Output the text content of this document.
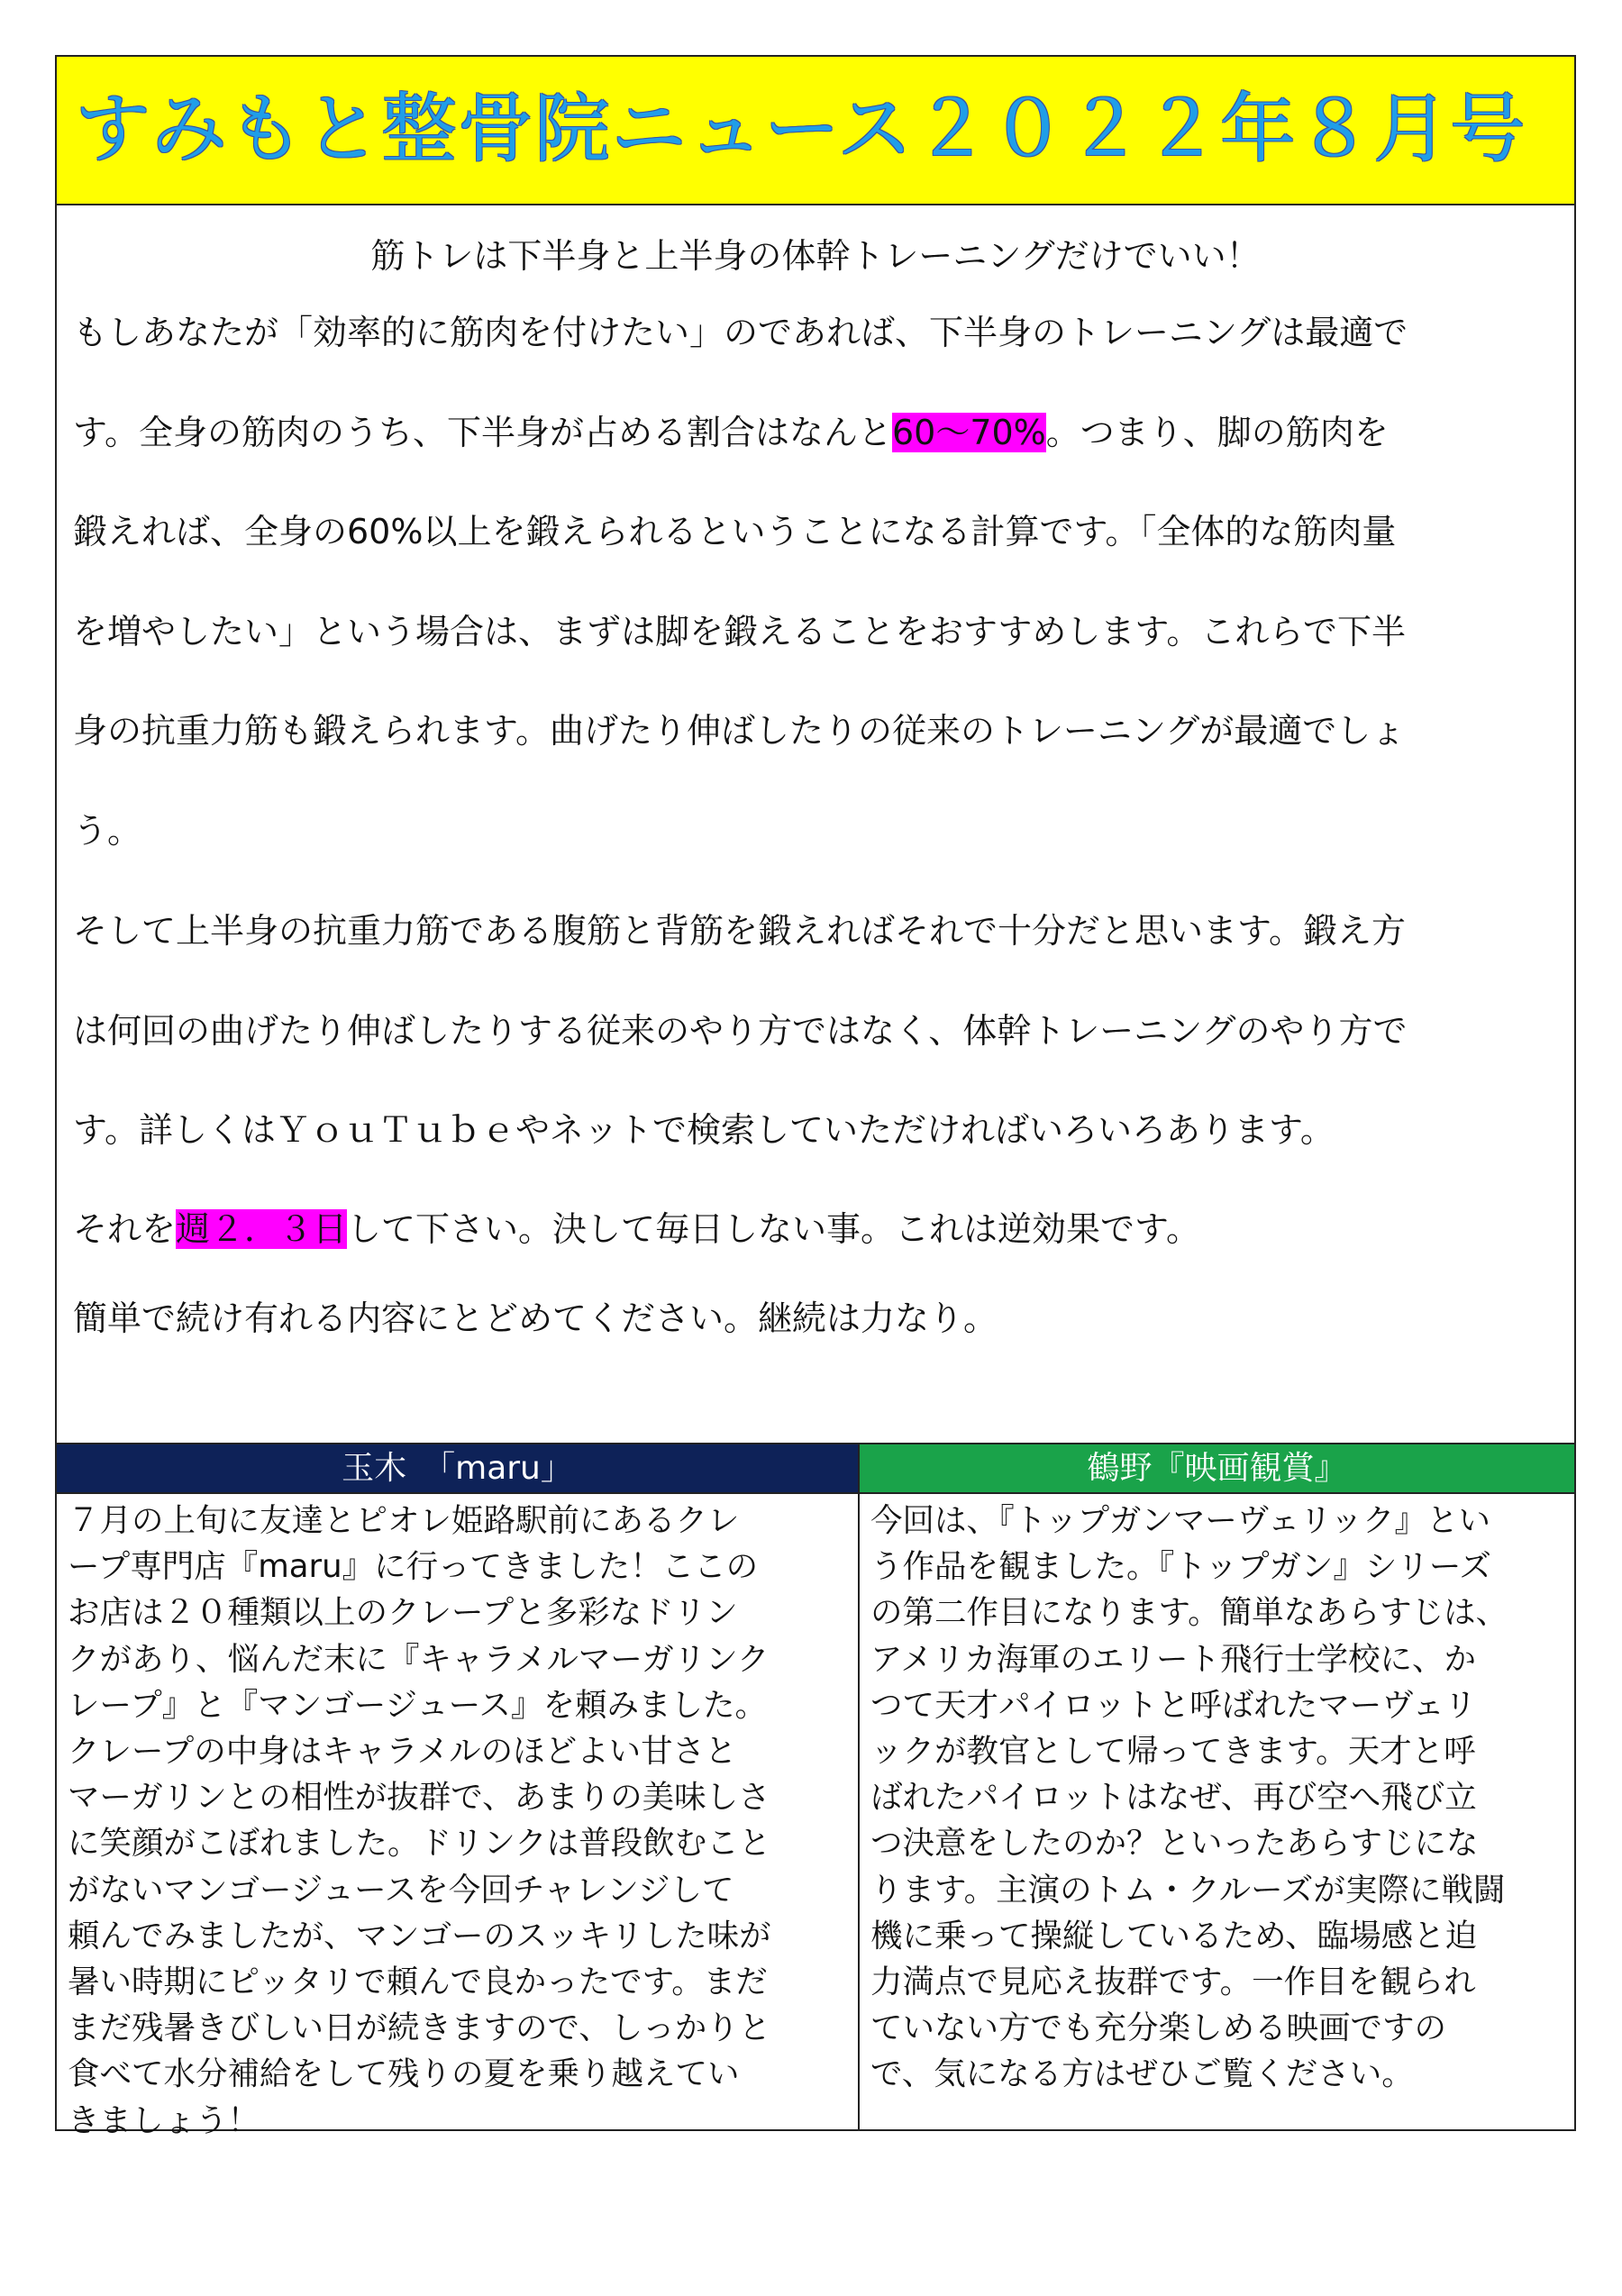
すみもと整骨院ニュース２０２２年８月号
筋トレは下半身と上半身の体幹トレーニングだけでいい！
もしあなたが「効率的に筋肉を付けたい」のであれば、下半身のトレーニングは最適で
す。全身の筋肉のうち、下半身が占める割合はなんと60〜70%。つまり、脚の筋肉を
鍛えれば、全身の60%以上を鍛えられるということになる計算です。「全体的な筋肉量
を増やしたい」という場合は、まずは脚を鍛えることをおすすめします。これらで下半
身の抗重力筋も鍛えられます。曲げたり伸ばしたりの従来のトレーニングが最適でしょ
う。
そして上半身の抗重力筋である腹筋と背筋を鍛えればそれで十分だと思います。鍛え方
は何回の曲げたり伸ばしたりする従来のやり方ではなく、体幹トレーニングのやり方で
す。詳しくはＹｏｕＴｕｂｅやネットで検索していただければいろいろあります。
それを週２．３日して下さい。決して毎日しない事。これは逆効果です。
簡単で続け有れる内容にとどめてください。継続は力なり。
玉木　「maru」
７月の上旬に友達とピオレ姫路駅前にあるクレ
ープ専門店『maru』に行ってきました！ここの
お店は２０種類以上のクレープと多彩なドリン
クがあり、悩んだ末に『キャラメルマーガリンク
レープ』と『マンゴージュース』を頼みました。
クレープの中身はキャラメルのほどよい甘さと
マーガリンとの相性が抜群で、あまりの美味しさ
に笑顔がこぼれました。ドリンクは普段飲むこと
がないマンゴージュースを今回チャレンジして
頼んでみましたが、マンゴーのスッキリした味が
暑い時期にピッタリで頼んで良かったです。まだ
まだ残暑きびしい日が続きますので、しっかりと
食べて水分補給をして残りの夏を乗り越えてい
きましょう！
鶴野『映画観賞』
今回は、『トップガンマーヴェリック』とい
う作品を観ました。『トップガン』シリーズ
の第二作目になります。簡単なあらすじは、
アメリカ海軍のエリート飛行士学校に、か
つて天才パイロットと呼ばれたマーヴェリ
ックが教官として帰ってきます。天才と呼
ばれたパイロットはなぜ、再び空へ飛び立
つ決意をしたのか？といったあらすじにな
ります。主演のトム・クルーズが実際に戦闘
機に乗って操縦しているため、臨場感と迫
力満点で見応え抜群です。一作目を観られ
ていない方でも充分楽しめる映画ですの
で、気になる方はぜひご覧ください。
